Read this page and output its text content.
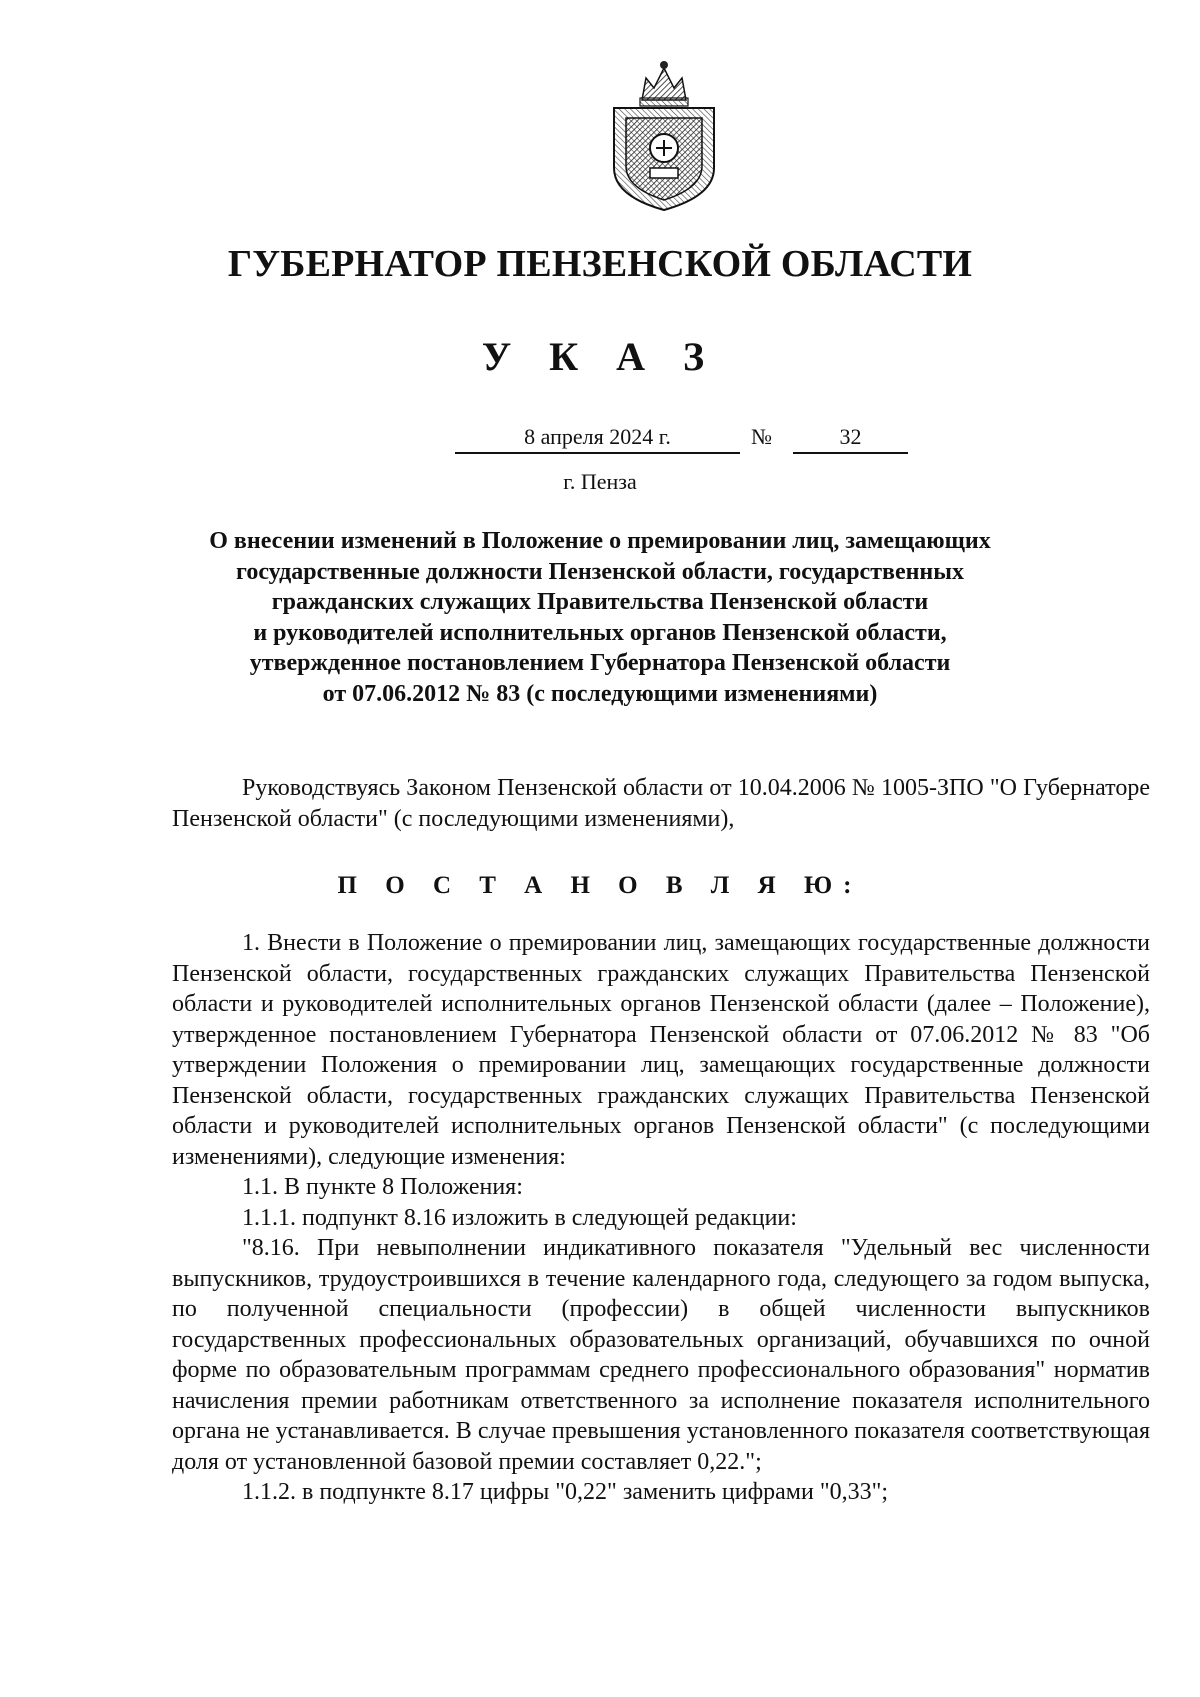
ГУБЕРНАТОР ПЕНЗЕНСКОЙ ОБЛАСТИ
У К А З
8 апреля 2024 г.	№	32
г. Пенза
О внесении изменений в Положение о премировании лиц, замещающих
государственные должности Пензенской области, государственных
гражданских служащих Правительства Пензенской области
и руководителей исполнительных органов Пензенской области,
утвержденное постановлением Губернатора Пензенской области
от 07.06.2012 № 83 (с последующими изменениями)
Руководствуясь Законом Пензенской области от 10.04.2006 № 1005-ЗПО "О Губернаторе Пензенской области" (с последующими изменениями),
П О С Т А Н О В Л Я Ю:

1. Внести в Положение о премировании лиц, замещающих государственные должности Пензенской области, государственных гражданских служащих Правительства Пензенской области и руководителей исполнительных органов Пензенской области (далее – Положение), утвержденное постановлением Губернатора Пензенской области от 07.06.2012 № 83 "Об утверждении Положения о премировании лиц, замещающих государственные должности Пензенской области, государственных гражданских служащих Правительства Пензенской области и руководителей исполнительных органов Пензенской области" (с последующими изменениями), следующие изменения:

1.1. В пункте 8 Положения:

1.1.1. подпункт 8.16 изложить в следующей редакции:

"8.16. При невыполнении индикативного показателя "Удельный вес численности выпускников, трудоустроившихся в течение календарного года, следующего за годом выпуска, по полученной специальности (профессии) в общей численности выпускников государственных профессиональных образовательных организаций, обучавшихся по очной форме по образовательным программам среднего профессионального образования" норматив начисления премии работникам ответственного за исполнение показателя исполнительного органа не устанавливается. В случае превышения установленного показателя соответствующая доля от установленной базовой премии составляет 0,22.";

1.1.2. в подпункте 8.17 цифры "0,22" заменить цифрами "0,33";
